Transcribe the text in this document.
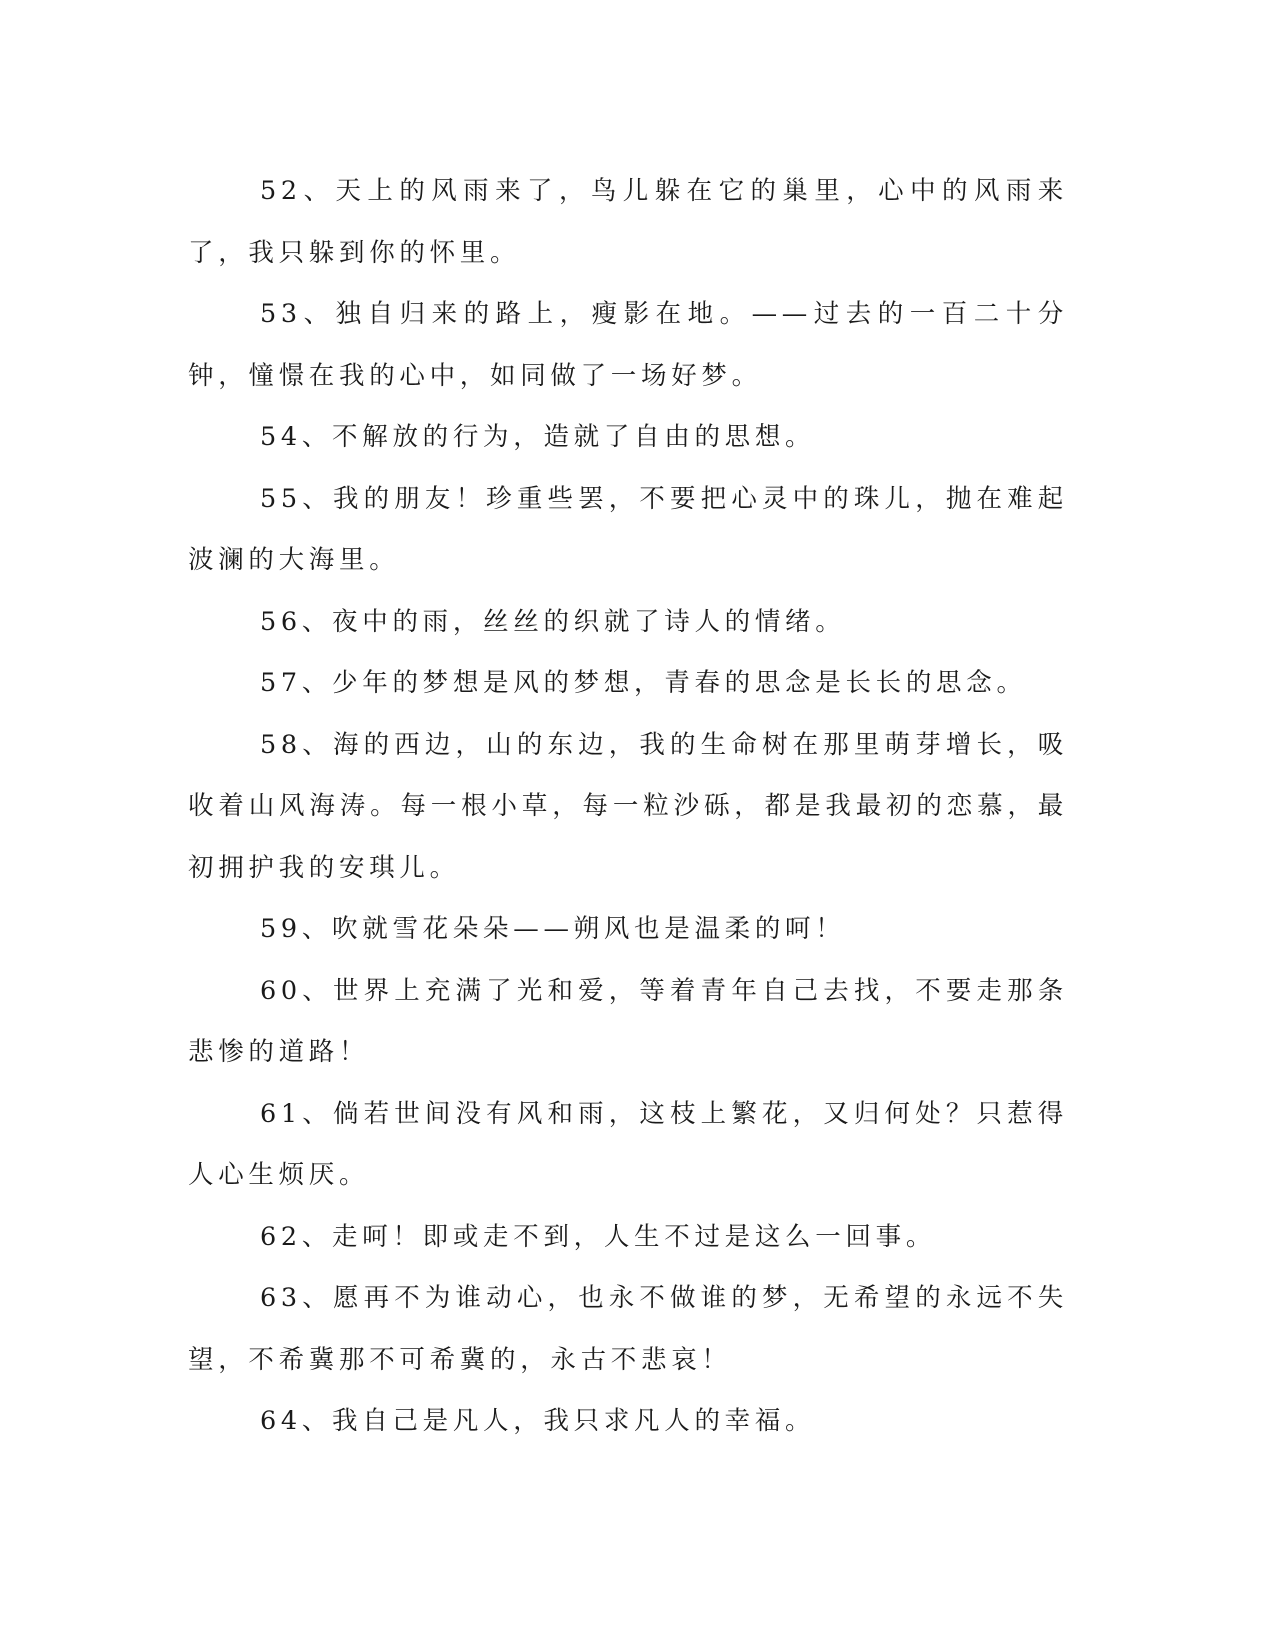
52、天上的风雨来了，鸟儿躲在它的巢里，心中的风雨来了，我只躲到你的怀里。

53、独自归来的路上，瘦影在地。——过去的一百二十分钟，憧憬在我的心中，如同做了一场好梦。

54、不解放的行为，造就了自由的思想。

55、我的朋友！珍重些罢，不要把心灵中的珠儿，抛在难起波澜的大海里。

56、夜中的雨，丝丝的织就了诗人的情绪。

57、少年的梦想是风的梦想，青春的思念是长长的思念。

58、海的西边，山的东边，我的生命树在那里萌芽增长，吸收着山风海涛。每一根小草，每一粒沙砾，都是我最初的恋慕，最初拥护我的安琪儿。

59、吹就雪花朵朵——朔风也是温柔的呵！

60、世界上充满了光和爱，等着青年自己去找，不要走那条悲惨的道路！

61、倘若世间没有风和雨，这枝上繁花，又归何处？只惹得人心生烦厌。

62、走呵！即或走不到，人生不过是这么一回事。

63、愿再不为谁动心，也永不做谁的梦，无希望的永远不失望，不希冀那不可希冀的，永古不悲哀！

64、我自己是凡人，我只求凡人的幸福。
